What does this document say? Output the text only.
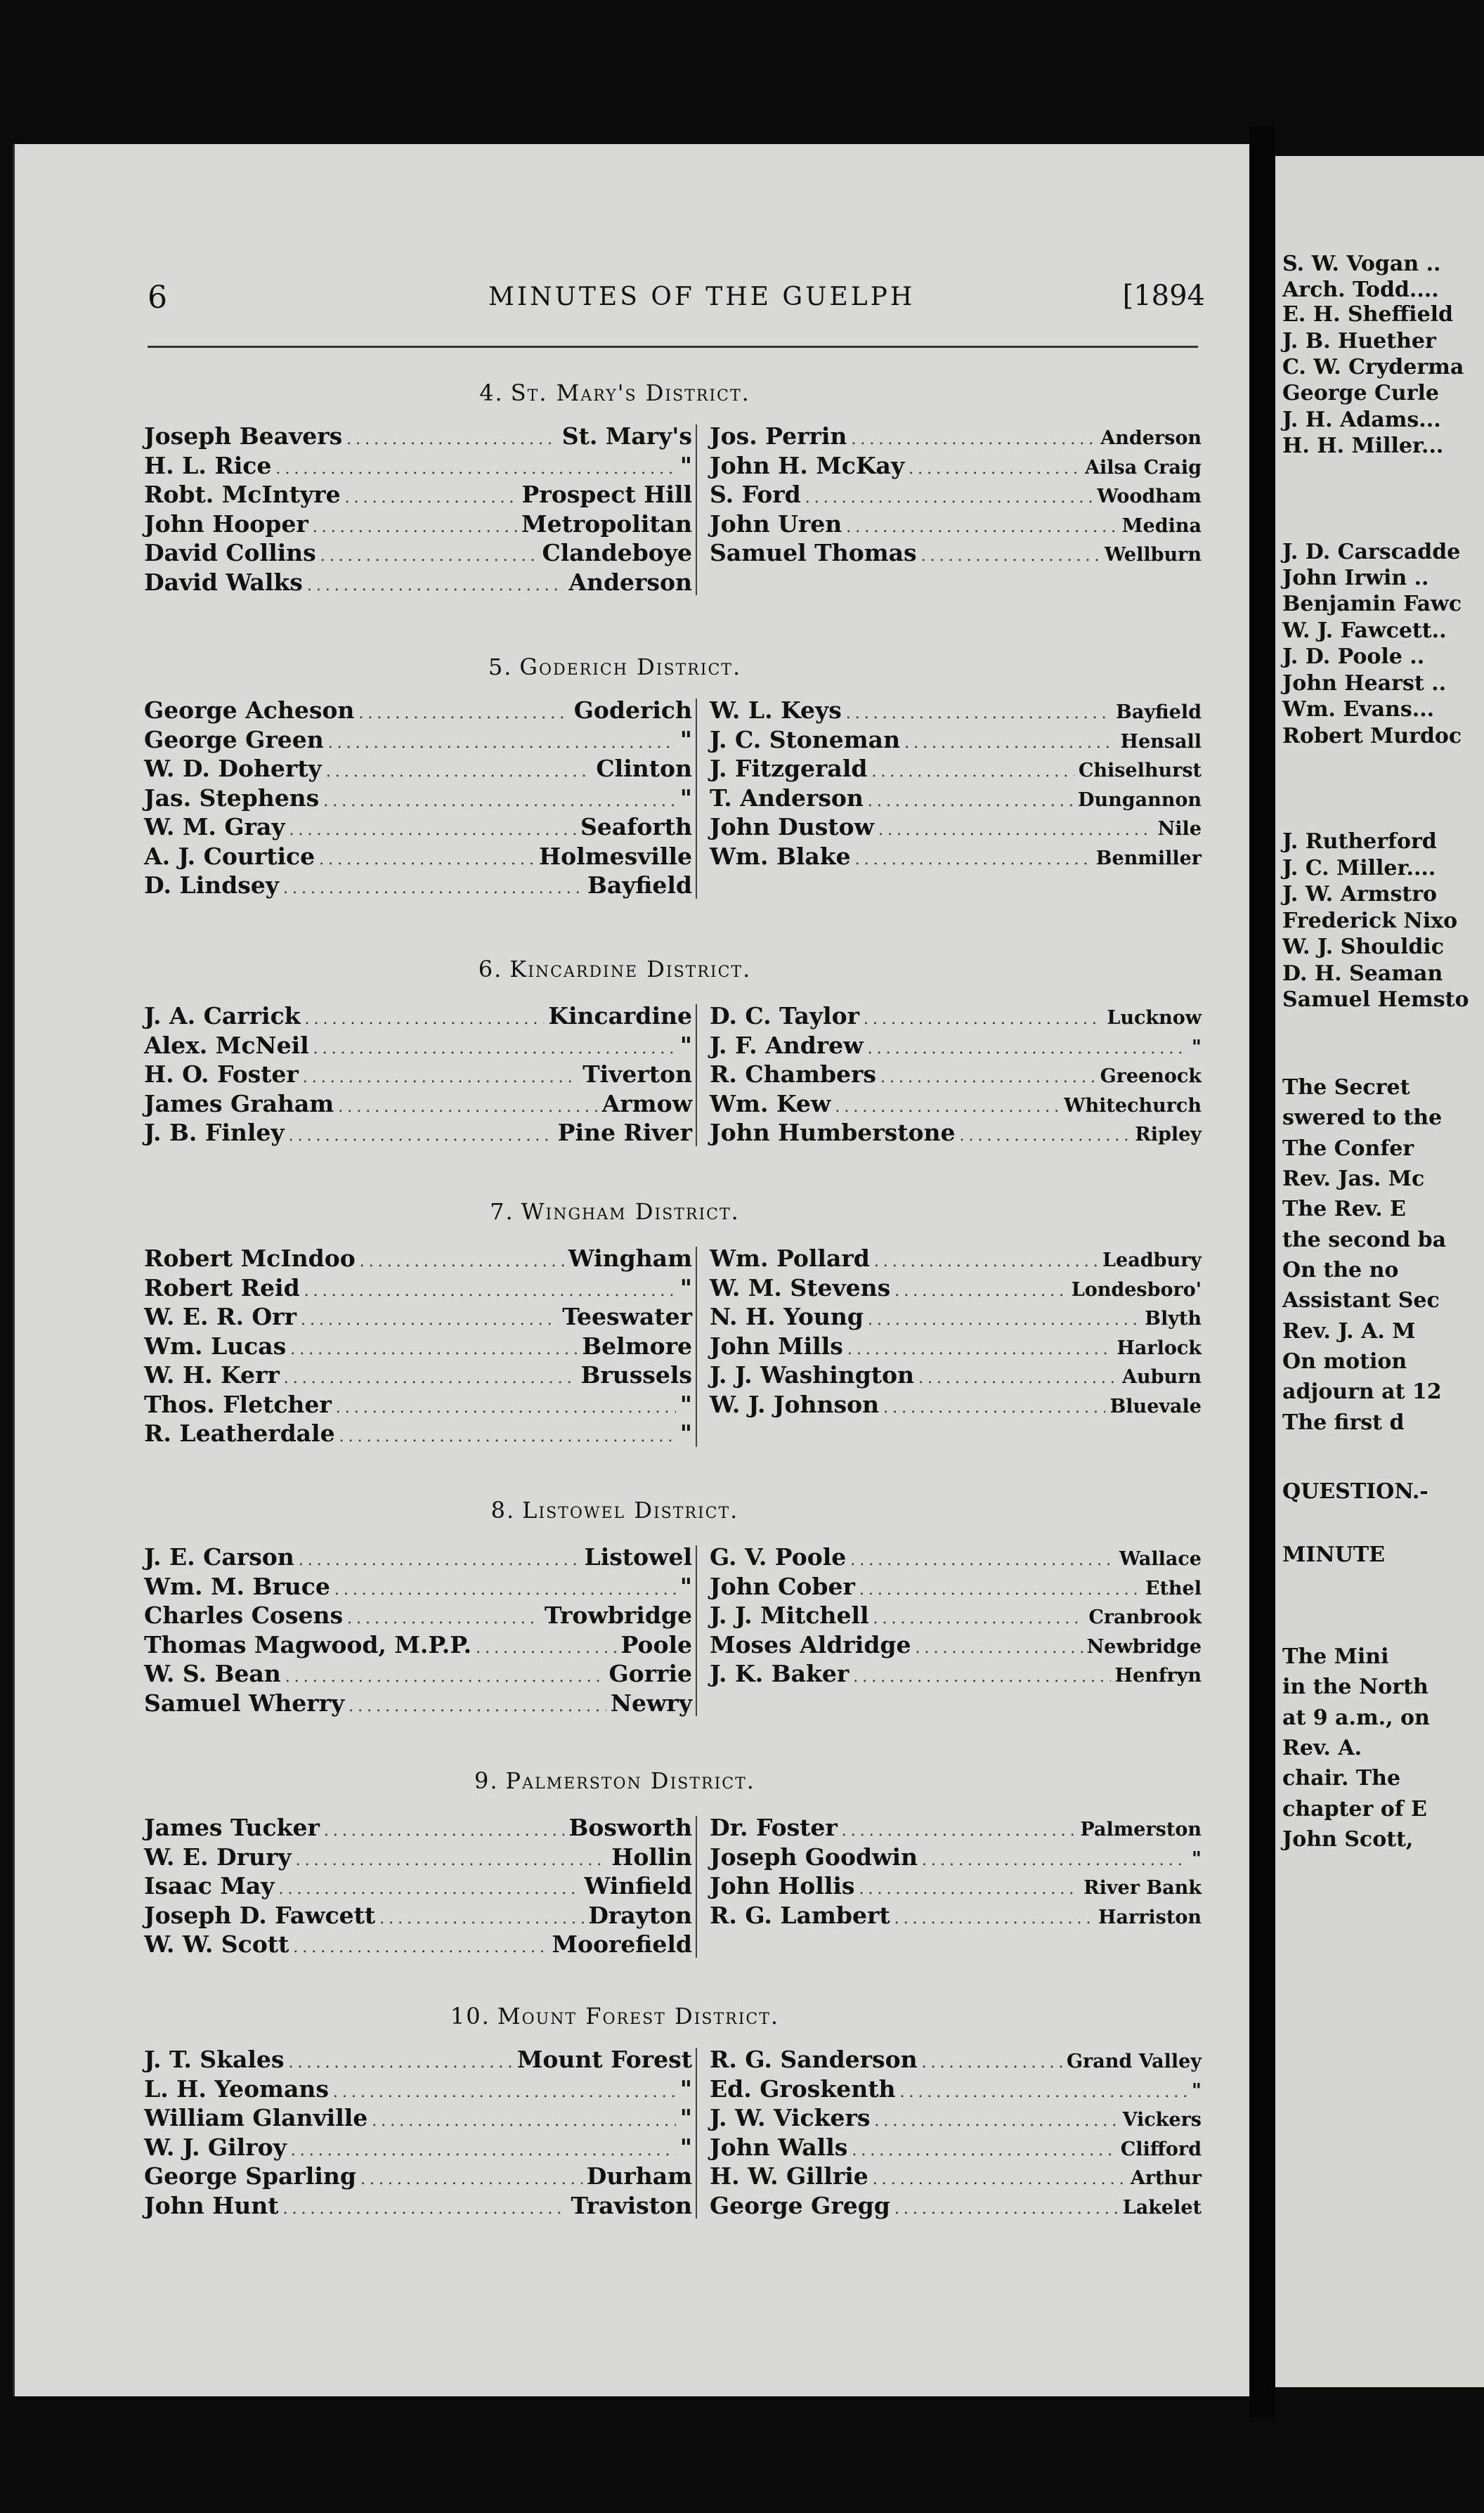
S. W. Vogan ..
Arch. Todd....
E. H. Sheffield
J. B. Huether
C. W. Cryderma
George Curle
J. H. Adams...
H. H. Miller...
J. D. Carscadde
John Irwin ..
Benjamin Fawc
W. J. Fawcett..
J. D. Poole ..
John Hearst ..
Wm. Evans...
Robert Murdoc
J. Rutherford
J. C. Miller....
J. W. Armstro
Frederick Nixo
W. J. Shouldic
D. H. Seaman
Samuel Hemsto
The Secret
swered to the
The Confer
Rev. Jas. Mc
The Rev. E
the second ba
On the no
Assistant Sec
Rev. J. A. M
On motion
adjourn at 12
The first d
QUESTION.-
MINUTE
The Mini
in the North
at 9 a.m., on
Rev. A.
chair. The
chapter of E
John Scott,
6	MINUTES OF THE GUELPH	[1894
4. St. Mary's District.
Joseph Beavers .....	St. Mary's
H. L. Rice .....	"
Robt. McIntyre .....	Prospect Hill
John Hooper .....	Metropolitan
David Collins .....	Clandeboye
David Walks .....	Anderson
Jos. Perrin .....	Anderson
John H. McKay .....	Ailsa Craig
S. Ford .....	Woodham
John Uren .....	Medina
Samuel Thomas .....	Wellburn
5. Goderich District.
George Acheson .....	Goderich
George Green .....	"
W. D. Doherty .....	Clinton
Jas. Stephens .....	"
W. M. Gray .....	Seaforth
A. J. Courtice .....	Holmesville
D. Lindsey .....	Bayfield
W. L. Keys .....	Bayfield
J. C. Stoneman .....	Hensall
J. Fitzgerald .....	Chiselhurst
T. Anderson .....	Dungannon
John Dustow .....	Nile
Wm. Blake .....	Benmiller
6. Kincardine District.
J. A. Carrick .....	Kincardine
Alex. McNeil .....	"
H. O. Foster .....	Tiverton
James Graham .....	Armow
J. B. Finley .....	Pine River
D. C. Taylor .....	Lucknow
J. F. Andrew .....	"
R. Chambers .....	Greenock
Wm. Kew .....	Whitechurch
John Humberstone .....	Ripley
7. Wingham District.
Robert McIndoo .....	Wingham
Robert Reid .....	"
W. E. R. Orr .....	Teeswater
Wm. Lucas .....	Belmore
W. H. Kerr .....	Brussels
Thos. Fletcher .....	"
R. Leatherdale .....	"
Wm. Pollard .....	Leadbury
W. M. Stevens .....	Londesboro'
N. H. Young .....	Blyth
John Mills .....	Harlock
J. J. Washington .....	Auburn
W. J. Johnson .....	Bluevale
8. Listowel District.
J. E. Carson .....	Listowel
Wm. M. Bruce .....	"
Charles Cosens .....	Trowbridge
Thomas Magwood, M.P.P. .....	Poole
W. S. Bean .....	Gorrie
Samuel Wherry .....	Newry
G. V. Poole .....	Wallace
John Cober .....	Ethel
J. J. Mitchell .....	Cranbrook
Moses Aldridge .....	Newbridge
J. K. Baker .....	Henfryn
9. Palmerston District.
James Tucker .....	Bosworth
W. E. Drury .....	Hollin
Isaac May .....	Winfield
Joseph D. Fawcett .....	Drayton
W. W. Scott .....	Moorefield
Dr. Foster .....	Palmerston
Joseph Goodwin .....	"
John Hollis .....	River Bank
R. G. Lambert .....	Harriston
10. Mount Forest District.
J. T. Skales .....	Mount Forest
L. H. Yeomans .....	"
William Glanville .....	"
W. J. Gilroy .....	"
George Sparling .....	Durham
John Hunt .....	Traviston
R. G. Sanderson .....	Grand Valley
Ed. Groskenth .....	"
J. W. Vickers .....	Vickers
John Walls .....	Clifford
H. W. Gillrie .....	Arthur
George Gregg .....	Lakelet
